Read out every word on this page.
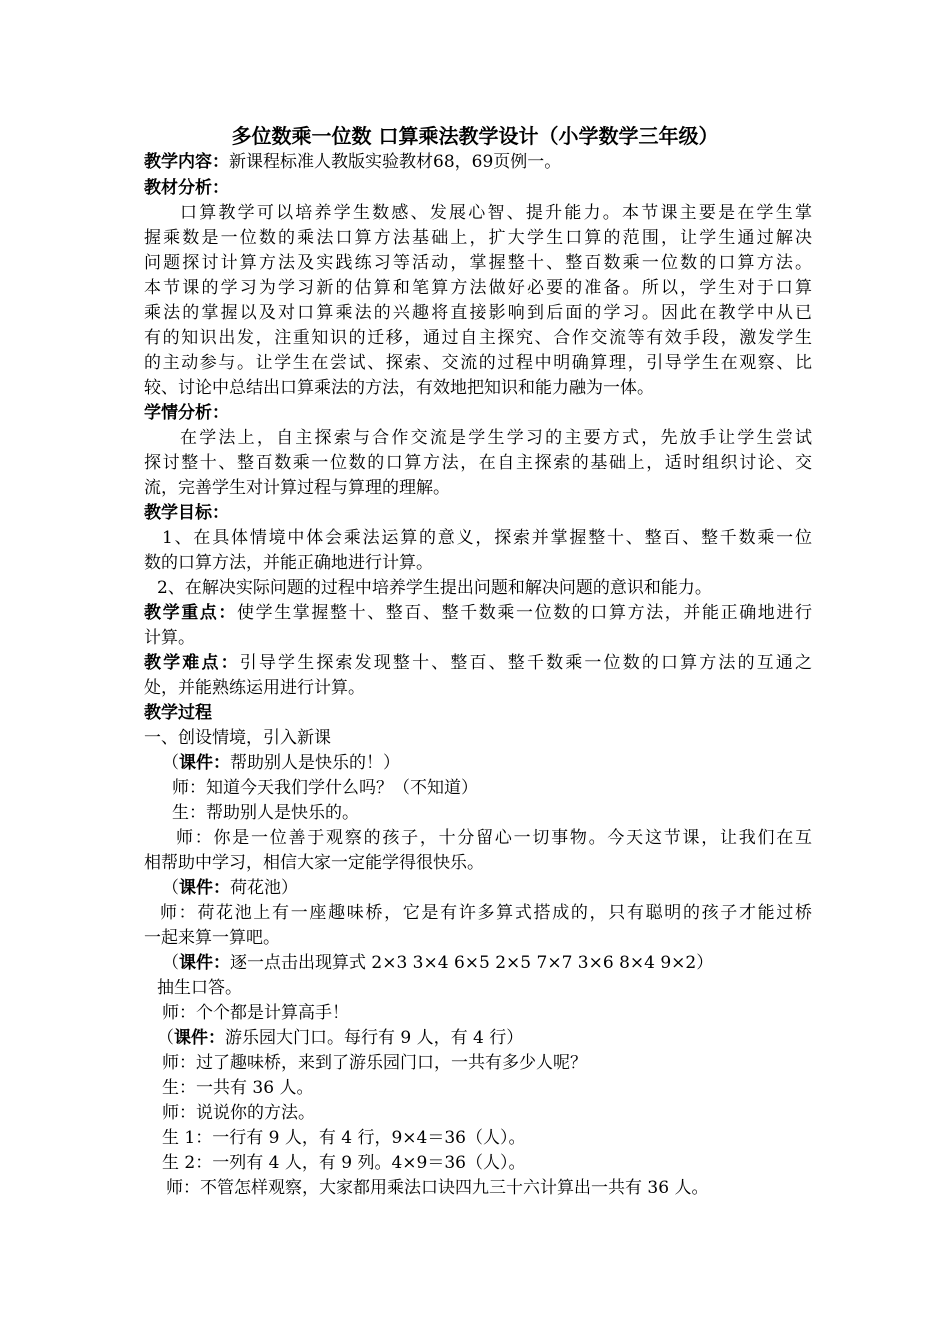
多位数乘一位数 口算乘法教学设计（小学数学三年级）
教学内容：新课程标准人教版实验教材68，69页例一。
教材分析：
口算教学可以培养学生数感、发展心智、提升能力。本节课主要是在学生掌
握乘数是一位数的乘法口算方法基础上，扩大学生口算的范围，让学生通过解决
问题探讨计算方法及实践练习等活动，掌握整十、整百数乘一位数的口算方法。
本节课的学习为学习新的估算和笔算方法做好必要的准备。所以，学生对于口算
乘法的掌握以及对口算乘法的兴趣将直接影响到后面的学习。因此在教学中从已
有的知识出发，注重知识的迁移，通过自主探究、合作交流等有效手段，激发学生
的主动参与。让学生在尝试、探索、交流的过程中明确算理，引导学生在观察、比
较、讨论中总结出口算乘法的方法，有效地把知识和能力融为一体。
学情分析：
在学法上，自主探索与合作交流是学生学习的主要方式，先放手让学生尝试
探讨整十、整百数乘一位数的口算方法，在自主探索的基础上，适时组织讨论、交
流，完善学生对计算过程与算理的理解。
教学目标：
1、在具体情境中体会乘法运算的意义，探索并掌握整十、整百、整千数乘一位
数的口算方法，并能正确地进行计算。
2、在解决实际问题的过程中培养学生提出问题和解决问题的意识和能力。
教学重点：使学生掌握整十、整百、整千数乘一位数的口算方法，并能正确地进行
计算。
教学难点：引导学生探索发现整十、整百、整千数乘一位数的口算方法的互通之
处，并能熟练运用进行计算。
教学过程
一、创设情境，引入新课
（课件：帮助别人是快乐的！）
师：知道今天我们学什么吗？（不知道）
生：帮助别人是快乐的。
师：你是一位善于观察的孩子，十分留心一切事物。今天这节课，让我们在互
相帮助中学习，相信大家一定能学得很快乐。
（课件：荷花池）
师：荷花池上有一座趣味桥，它是有许多算式搭成的，只有聪明的孩子才能过桥
一起来算一算吧。
（课件：逐一点击出现算式 2×3 3×4 6×5 2×5 7×7 3×6 8×4 9×2）
抽生口答。
师：个个都是计算高手！
（课件：游乐园大门口。每行有 9 人，有 4 行）
师：过了趣味桥，来到了游乐园门口，一共有多少人呢？
生：一共有 36 人。
师：说说你的方法。
生 1：一行有 9 人，有 4 行，9×4＝36（人）。
生 2：一列有 4 人，有 9 列。4×9＝36（人）。
师：不管怎样观察，大家都用乘法口诀四九三十六计算出一共有 36 人。
